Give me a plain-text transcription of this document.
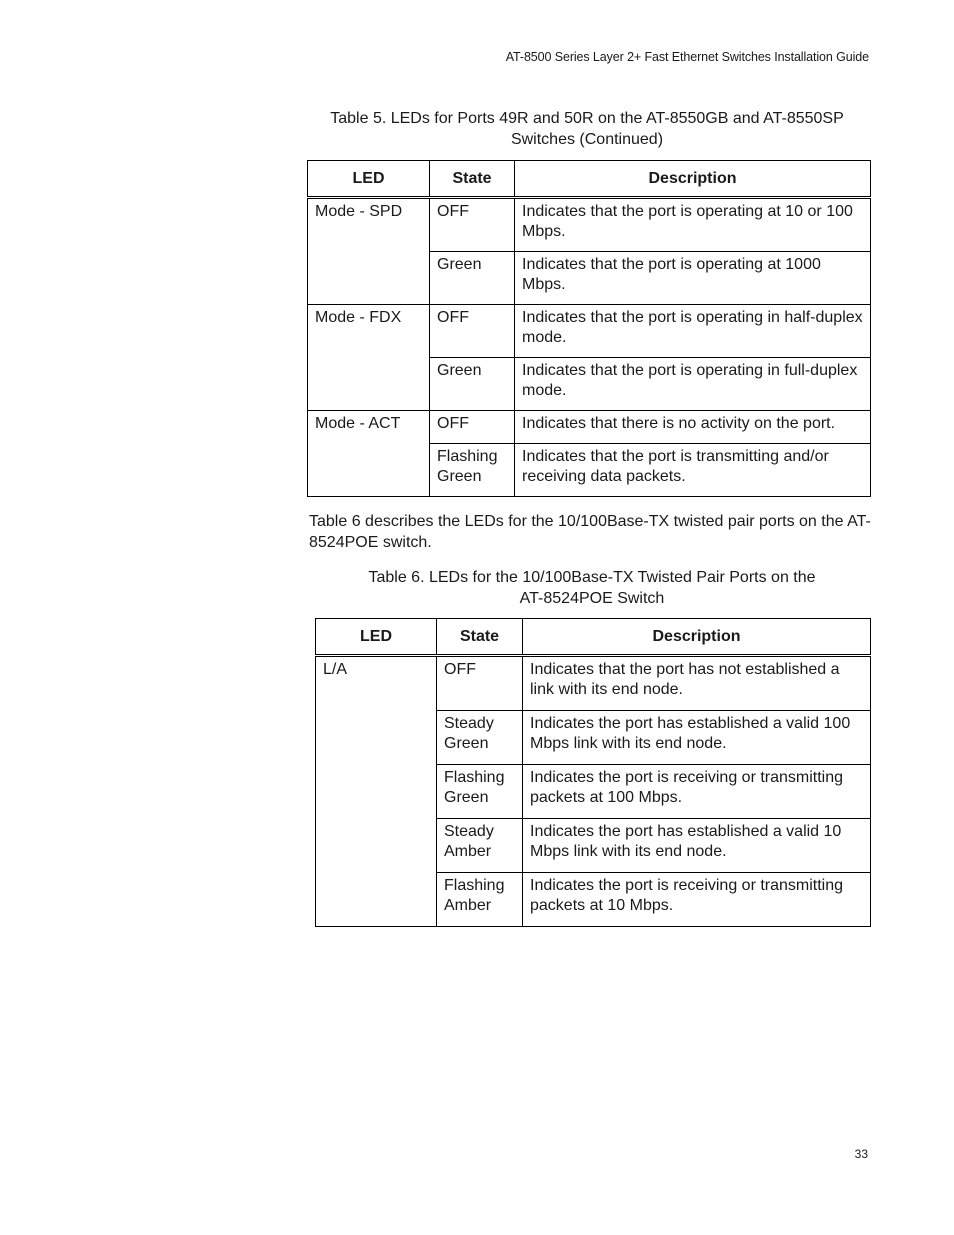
AT-8500 Series Layer 2+ Fast Ethernet Switches Installation Guide
Table 5. LEDs for Ports 49R and 50R on the AT-8550GB and AT-8550SP
Switches (Continued)
LED	State	Description
Mode - SPD	OFF	Indicates that the port is operating at 10 or 100 Mbps.
	Green	Indicates that the port is operating at 1000 Mbps.
Mode - FDX	OFF	Indicates that the port is operating in half-duplex mode.
	Green	Indicates that the port is operating in full-duplex mode.
Mode - ACT	OFF	Indicates that there is no activity on the port.
	Flashing Green	Indicates that the port is transmitting and/or receiving data packets.
Table 6 describes the LEDs for the 10/100Base-TX twisted pair ports on the AT-8524POE switch.
Table 6. LEDs for the 10/100Base-TX Twisted Pair Ports on the
AT-8524POE Switch
LED	State	Description
L/A	OFF	Indicates that the port has not established a link with its end node.
	Steady Green	Indicates the port has established a valid 100 Mbps link with its end node.
	Flashing Green	Indicates the port is receiving or transmitting packets at 100 Mbps.
	Steady Amber	Indicates the port has established a valid 10 Mbps link with its end node.
	Flashing Amber	Indicates the port is receiving or transmitting packets at 10 Mbps.
33
